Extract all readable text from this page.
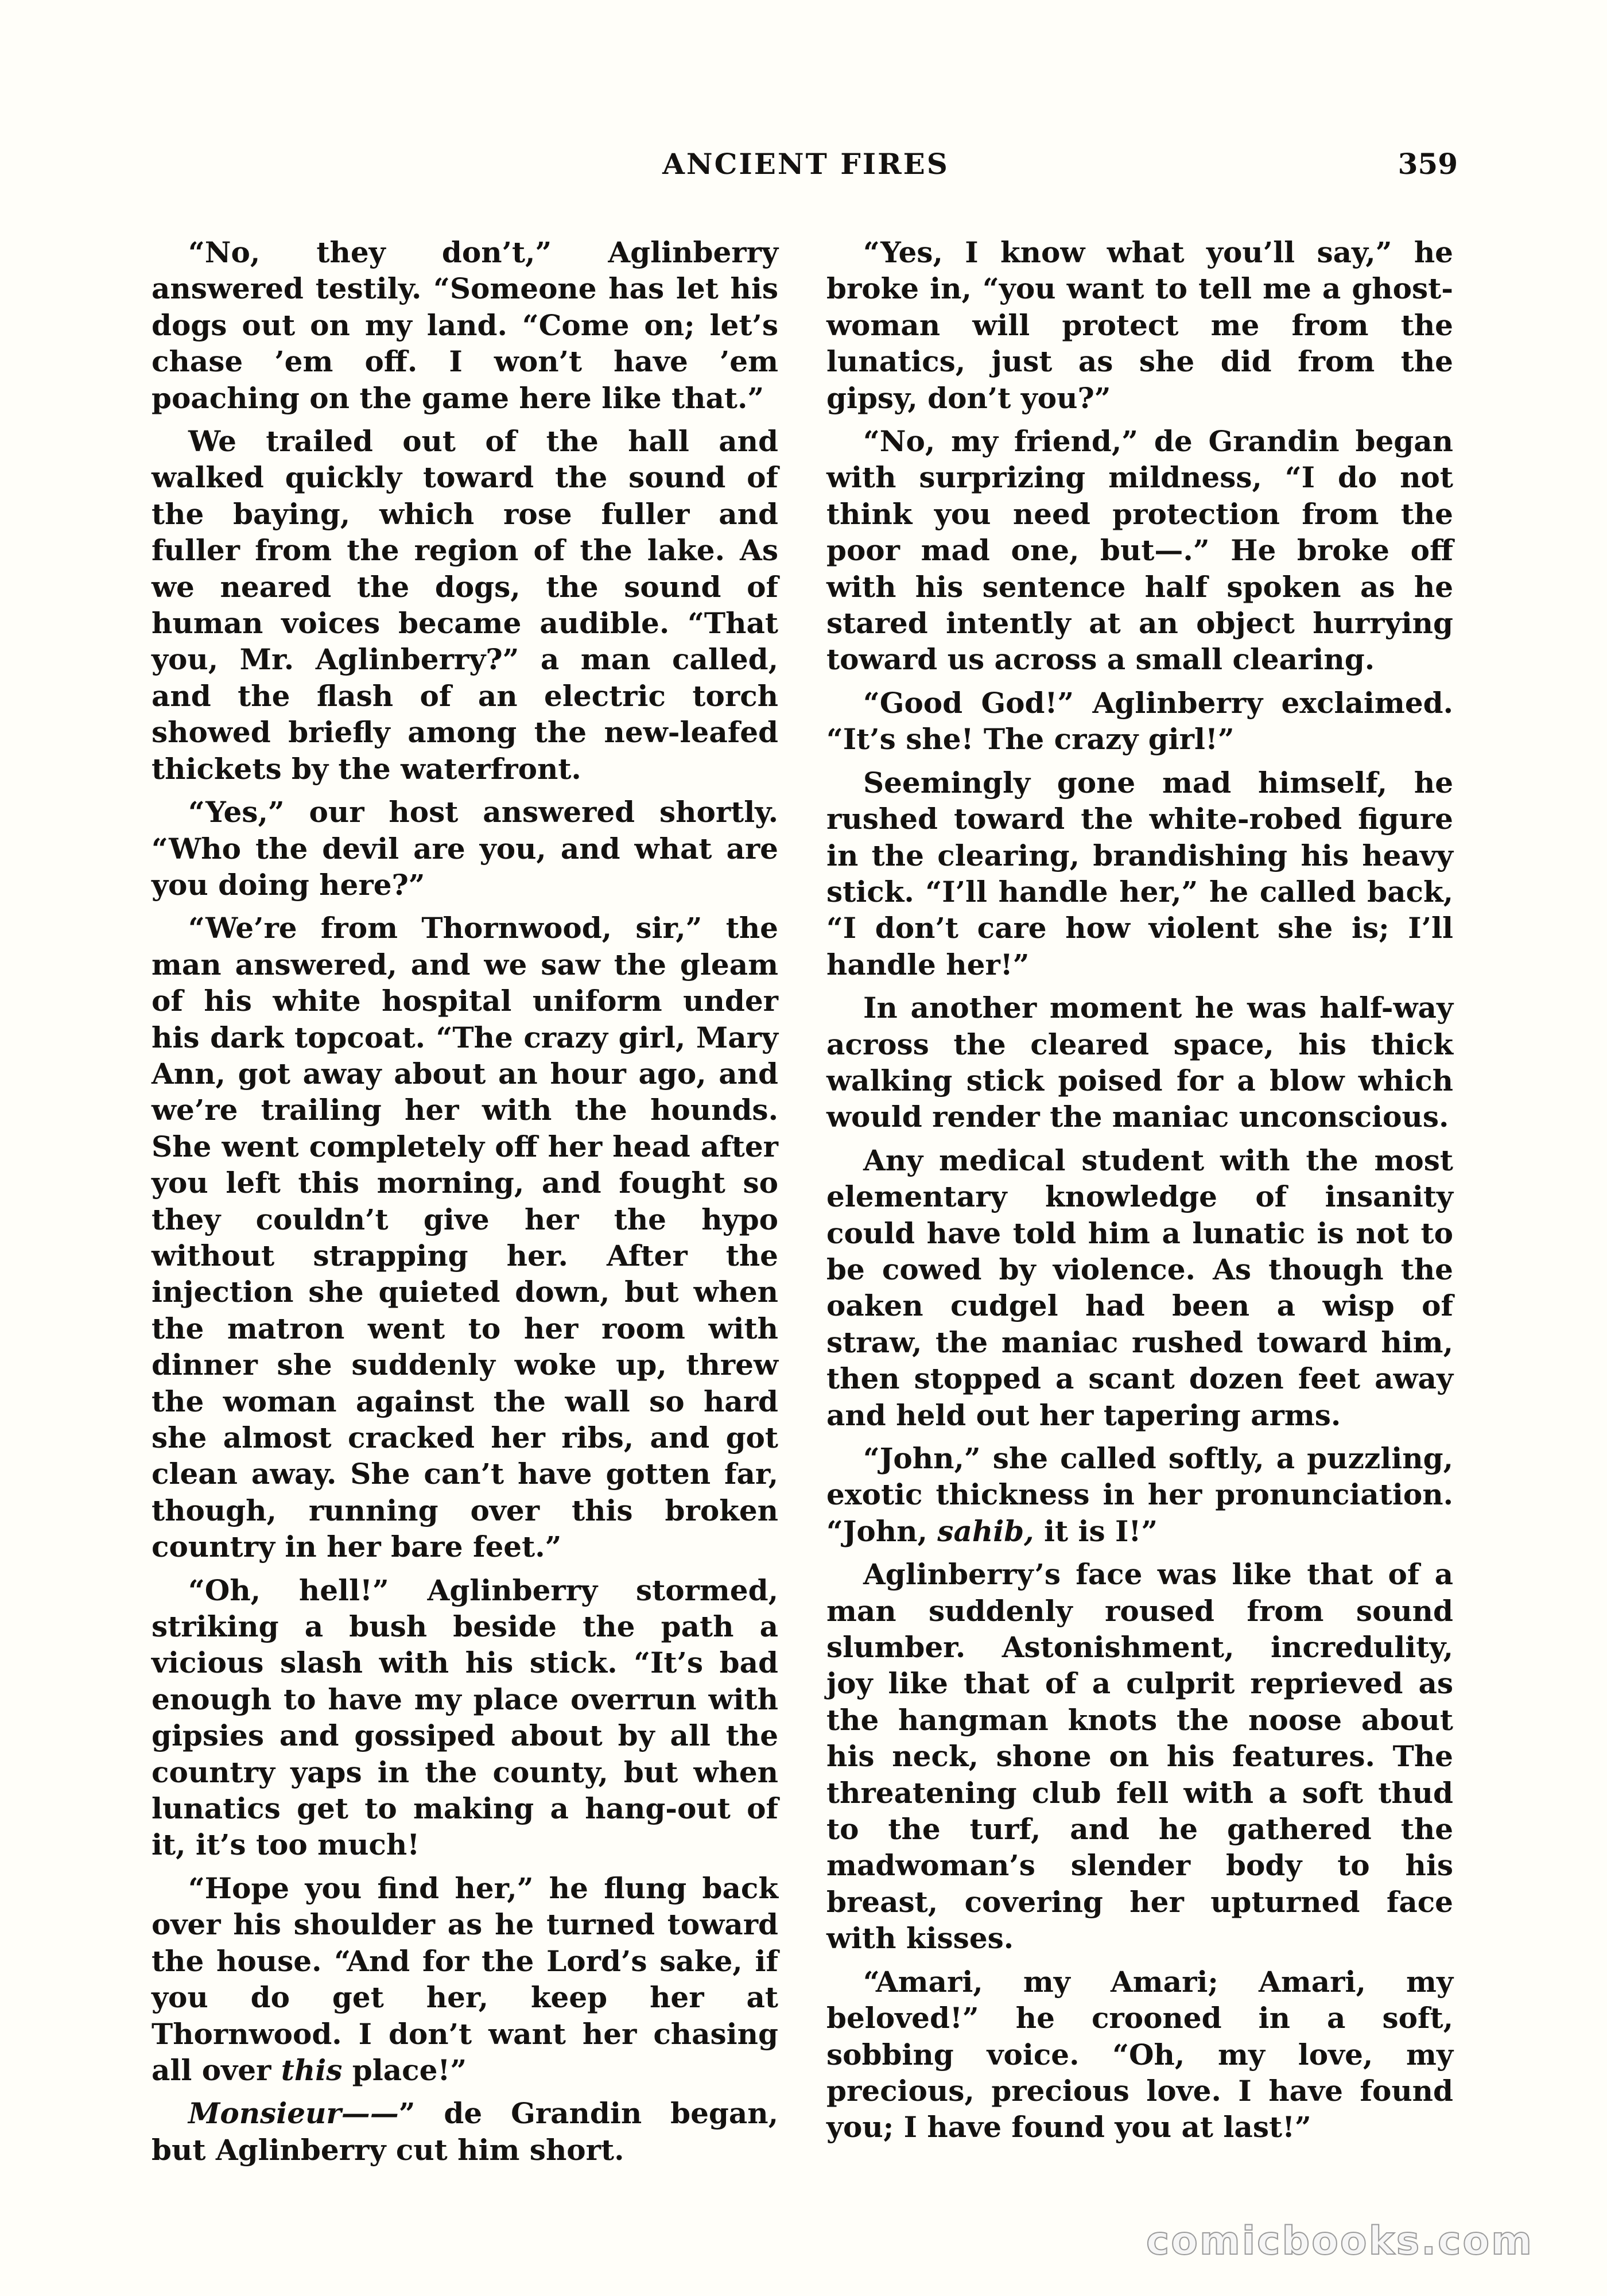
ANCIENT FIRES	359

“No, they don’t,” Aglinberry answered testily. “Someone has let his dogs out on my land. “Come on; let’s chase ’em off. I won’t have ’em poaching on the game here like that.”

We trailed out of the hall and walked quickly toward the sound of the baying, which rose fuller and fuller from the region of the lake. As we neared the dogs, the sound of human voices became audible. “That you, Mr. Aglinberry?” a man called, and the flash of an electric torch showed briefly among the new-leafed thickets by the waterfront.

“Yes,” our host answered shortly. “Who the devil are you, and what are you doing here?”

“We’re from Thornwood, sir,” the man answered, and we saw the gleam of his white hospital uniform under his dark topcoat. “The crazy girl, Mary Ann, got away about an hour ago, and we’re trailing her with the hounds. She went completely off her head after you left this morning, and fought so they couldn’t give her the hypo without strapping her. After the injection she quieted down, but when the matron went to her room with dinner she suddenly woke up, threw the woman against the wall so hard she almost cracked her ribs, and got clean away. She can’t have gotten far, though, running over this broken country in her bare feet.”

“Oh, hell!” Aglinberry stormed, striking a bush beside the path a vicious slash with his stick. “It’s bad enough to have my place overrun with gipsies and gossiped about by all the country yaps in the county, but when lunatics get to making a hang-out of it, it’s too much!

“Hope you find her,” he flung back over his shoulder as he turned toward the house. “And for the Lord’s sake, if you do get her, keep her at Thornwood. I don’t want her chasing all over this place!”

Monsieur——” de Grandin began, but Aglinberry cut him short.

“Yes, I know what you’ll say,” he broke in, “you want to tell me a ghost-woman will protect me from the lunatics, just as she did from the gipsy, don’t you?”

“No, my friend,” de Grandin began with surprizing mildness, “I do not think you need protection from the poor mad one, but—.” He broke off with his sentence half spoken as he stared intently at an object hurrying toward us across a small clearing.

“Good God!” Aglinberry exclaimed. “It’s she! The crazy girl!”

Seemingly gone mad himself, he rushed toward the white-robed figure in the clearing, brandishing his heavy stick. “I’ll handle her,” he called back, “I don’t care how violent she is; I’ll handle her!”

In another moment he was half-way across the cleared space, his thick walking stick poised for a blow which would render the maniac unconscious.

Any medical student with the most elementary knowledge of insanity could have told him a lunatic is not to be cowed by violence. As though the oaken cudgel had been a wisp of straw, the maniac rushed toward him, then stopped a scant dozen feet away and held out her tapering arms.

“John,” she called softly, a puzzling, exotic thickness in her pronunciation. “John, sahib, it is I!”

Aglinberry’s face was like that of a man suddenly roused from sound slumber. Astonishment, incredulity, joy like that of a culprit reprieved as the hangman knots the noose about his neck, shone on his features. The threatening club fell with a soft thud to the turf, and he gathered the madwoman’s slender body to his breast, covering her upturned face with kisses.

“Amari, my Amari; Amari, my beloved!” he crooned in a soft, sobbing voice. “Oh, my love, my precious, precious love. I have found you; I have found you at last!”

comicbooks.com
